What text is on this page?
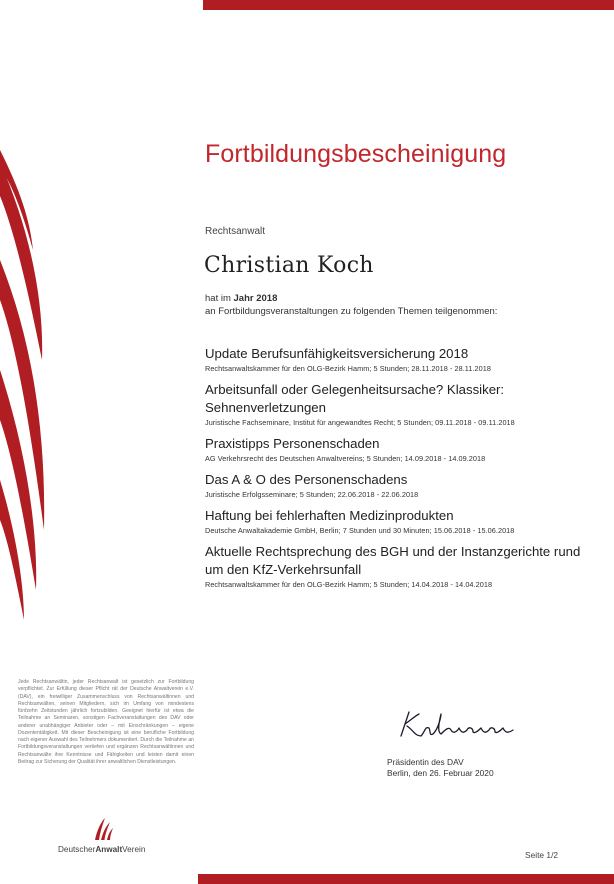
Fortbildungsbescheinigung
Rechtsanwalt
Christian Koch
hat im Jahr 2018
an Fortbildungsveranstaltungen zu folgenden Themen teilgenommen:
Update Berufsunfähigkeitsversicherung 2018
Rechtsanwaltskammer für den OLG-Bezirk Hamm; 5 Stunden; 28.11.2018 - 28.11.2018
Arbeitsunfall oder Gelegenheitsursache? Klassiker: Sehnenverletzungen
Juristische Fachseminare, Institut für angewandtes Recht; 5 Stunden; 09.11.2018 - 09.11.2018
Praxistipps Personenschaden
AG Verkehrsrecht des Deutschen Anwaltvereins; 5 Stunden; 14.09.2018 - 14.09.2018
Das A & O des Personenschadens
Juristische Erfolgsseminare; 5 Stunden; 22.06.2018 - 22.06.2018
Haftung bei fehlerhaften Medizinprodukten
Deutsche Anwaltakademie GmbH, Berlin; 7 Stunden und 30 Minuten; 15.06.2018 - 15.06.2018
Aktuelle Rechtsprechung des BGH und der Instanzgerichte rund um den KfZ-Verkehrsunfall
Rechtsanwaltskammer für den OLG-Bezirk Hamm; 5 Stunden; 14.04.2018 - 14.04.2018
Jede Rechtsanwältin, jeder Rechtsanwalt ist gesetzlich zur Fortbildung verpflichtet. Zur Erfüllung dieser Pflicht rät der Deutsche Anwaltverein e.V. (DAV), ein freiwilliger Zusammenschluss von Rechtsanwältinnen und Rechtsanwälten, seinen Mitgliedern, sich im Umfang von mindestens fünfzehn Zeitstunden jährlich fortzubilden. Geeignet hierfür ist etwa die Teilnahme an Seminaren, sonstigen Fachveranstaltungen des DAV oder anderer unabhängiger Anbieter oder – mit Einschränkungen – eigene Dozententätigkeit. Mit dieser Bescheinigung ist eine berufliche Fortbildung nach eigener Auswahl des Teilnehmers dokumentiert. Durch die Teilnahme an Fortbildungsveranstaltungen vertiefen und ergänzen Rechtsanwältinnen und Rechtsanwälte ihre Kenntnisse und Fähigkeiten und leisten damit einen Beitrag zur Sicherung der Qualität ihrer anwaltlichen Dienstleistungen.	Präsidentin des DAV
Berlin, den 26. Februar 2020
DeutscherAnwaltVerein
Seite 1/2
